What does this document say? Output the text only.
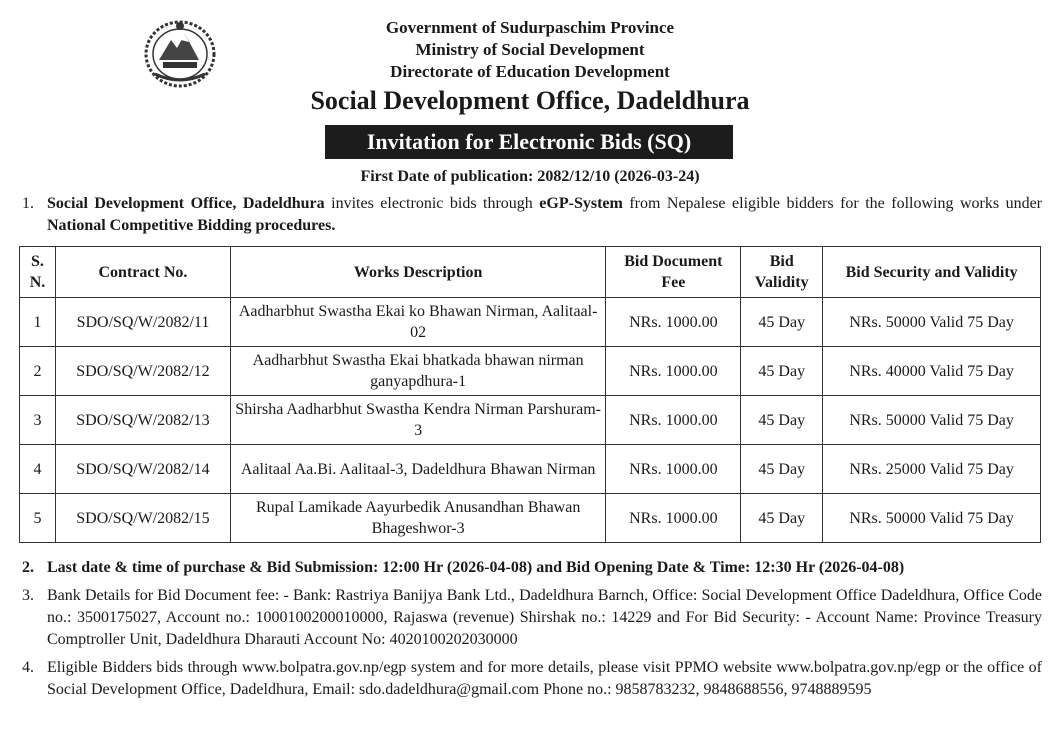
Government of Sudurpaschim Province
Ministry of Social Development
Directorate of Education Development
Social Development Office, Dadeldhura
Invitation for Electronic Bids (SQ)
First Date of publication: 2082/12/10 (2026-03-24)
1. Social Development Office, Dadeldhura invites electronic bids through eGP-System from Nepalese eligible bidders for the following works under National Competitive Bidding procedures.
S. N.	Contract No.	Works Description	Bid Document Fee	Bid Validity	Bid Security and Validity
1	SDO/SQ/W/2082/11	Aadharbhut Swastha Ekai ko Bhawan Nirman, Aalitaal-02	NRs. 1000.00	45 Day	NRs. 50000 Valid 75 Day
2	SDO/SQ/W/2082/12	Aadharbhut Swastha Ekai bhatkada bhawan nirman ganyapdhura-1	NRs. 1000.00	45 Day	NRs. 40000 Valid 75 Day
3	SDO/SQ/W/2082/13	Shirsha Aadharbhut Swastha Kendra Nirman Parshuram-3	NRs. 1000.00	45 Day	NRs. 50000 Valid 75 Day
4	SDO/SQ/W/2082/14	Aalitaal Aa.Bi. Aalitaal-3, Dadeldhura Bhawan Nirman	NRs. 1000.00	45 Day	NRs. 25000 Valid 75 Day
5	SDO/SQ/W/2082/15	Rupal Lamikade Aayurbedik Anusandhan Bhawan Bhageshwor-3	NRs. 1000.00	45 Day	NRs. 50000 Valid 75 Day
2. Last date & time of purchase & Bid Submission: 12:00 Hr (2026-04-08) and Bid Opening Date & Time: 12:30 Hr (2026-04-08)
3. Bank Details for Bid Document fee: - Bank: Rastriya Banijya Bank Ltd., Dadeldhura Barnch, Office: Social Development Office Dadeldhura, Office Code no.: 3500175027, Account no.: 1000100200010000, Rajaswa (revenue) Shirshak no.: 14229 and For Bid Security: - Account Name: Province Treasury Comptroller Unit, Dadeldhura Dharauti Account No: 4020100202030000
4. Eligible Bidders bids through www.bolpatra.gov.np/egp system and for more details, please visit PPMO website www.bolpatra.gov.np/egp or the office of Social Development Office, Dadeldhura, Email: sdo.dadeldhura@gmail.com Phone no.: 9858783232, 9848688556, 9748889595
